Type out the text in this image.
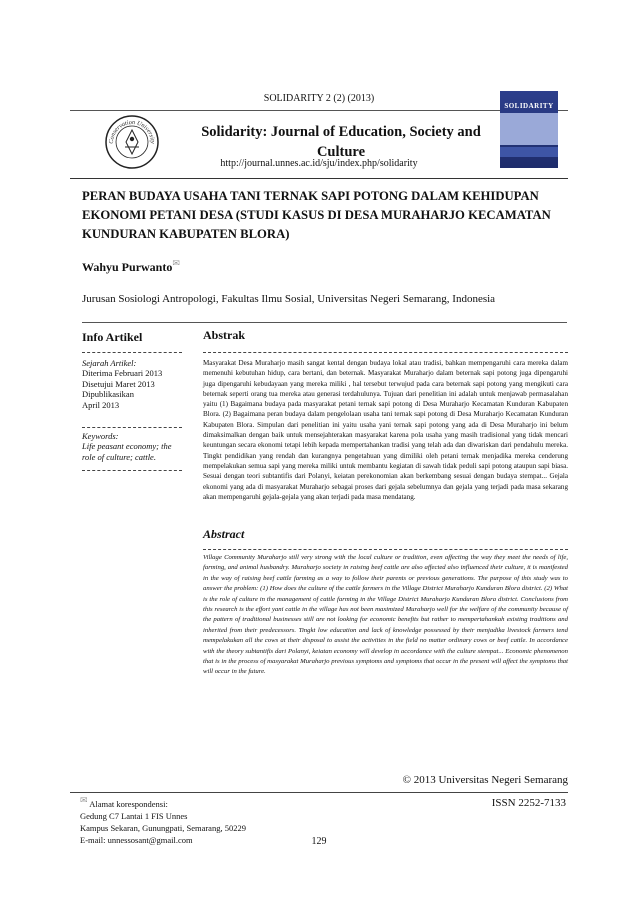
SOLIDARITY 2 (2) (2013)
Conservation University
SOLIDARITY
Solidarity: Journal of Education, Society and Culture
http://journal.unnes.ac.id/sju/index.php/solidarity
PERAN BUDAYA USAHA TANI TERNAK SAPI POTONG DALAM KEHIDUPAN EKONOMI PETANI DESA (STUDI KASUS DI DESA MURAHARJO KECAMATAN KUNDURAN KABUPATEN BLORA)
Wahyu Purwanto✉
Jurusan Sosiologi Antropologi, Fakultas Ilmu Sosial, Universitas Negeri Semarang, Indonesia
Info Artikel	Abstrak

Sejarah Artikel:

Diterima Februari 2013

Disetujui Maret 2013

Dipublikasikan

April 2013

Keywords:

Life peasant economy; the role of culture; cattle.

Masyarakat Desa Muraharjo masih sangat kental dengan budaya lokal atau tradisi, bahkan mempengaruhi cara mereka dalam memenuhi kebutuhan hidup, cara bertani, dan beternak. Masyarakat Muraharjo dalam beternak sapi potong juga dipengaruhi juga dipengaruhi kebudayaan yang mereka miliki , hal tersebut terwujud pada cara beternak sapi potong yang mengikuti cara beternak seperti orang tua mereka atau generasi terdahulunya. Tujuan dari penelitian ini adalah untuk menjawab permasalahan yaitu (1) Bagaimana budaya pada masyarakat petani ternak sapi potong di Desa Muraharjo Kecamatan Kunduran Kabupaten Blora. (2) Bagaimana peran budaya dalam pengelolaan usaha tani ternak sapi potong di Desa Muraharjo Kecamatan Kunduran Kabupaten Blora. Simpulan dari penelitian ini yaitu usaha yani ternak sapi potong yang ada di Desa Muraharjo ini belum dimaksimalkan dengan baik untuk mensejahterakan masyarakat karena pola usaha yang masih tradisional yang tidak mencari keuntungan secara ekonomi tetapi lebih kepada mempertahankan tradisi yang telah ada dan diwariskan dari pendahulu mereka. Tingkt pendidikan yang rendah dan kurangnya pengetahuan yang dimiliki oleh petani ternak menjadika mereka cenderung mempelakukan semua sapi yang mereka miliki untuk membantu kegiatan di sawah tidak peduli sapi potong ataupun sapi biasa. Sesuai dengan teori subtantifis dari Polanyi, keiatan perekonomian akan berkembang sesuai dengan budaya stempat... Gejala ekonomi yang ada di masyarakat Muraharjo sebagai proses dari gejala sebelumnya dan gejala yang terjadi pada masa sekarang akan mempengaruhi gejala-gejala yang akan terjadi pada masa mendatang.
Abstract
Village Community Muraharjo still very strong with the local culture or tradition, even affecting the way they meet the needs of life, farming, and animal husbandry. Muraharjo society in raising beef cattle are also affected also influenced their culture, it is manifested in the way of raising beef cattle farming as a way to follow their parents or previous generations. The purpose of this study was to answer the problem: (1) How does the culture of the cattle farmers in the Village District Muraharjo Kunduran Blora district. (2) What is the role of culture in the management of cattle farming in the Village District Muraharjo Kunduran Blora district. Conclusions from this research is the effort yani cattle in the village has not been maximized Muraharjo well for the welfare of the community because of the pattern of traditional businesses still are not looking for economic benefits but rather to mempertahankah existing traditions and inherited from their predecessors. Tingkt low education and lack of knowledge possessed by their menjadika livestock farmers tend mempelakukan all the cows at their disposal to assist the activities in the field no matter ordinary cows or beef cattle. In accordance with the theory subtantifis dari Polanyi, keiatan economy will develop in accordance with the culture stempat... Economic phenomenon that is in the process of masyarakat Muraharjo previous symptoms and symptoms that occur in the present will affect the symptoms that will occur in the future.
© 2013 Universitas Negeri Semarang

✉ Alamat korespondensi:

Gedung C7 Lantai 1 FIS Unnes

Kampus Sekaran, Gunungpati, Semarang, 50229

E-mail: unnessosant@gmail.com

ISSN 2252-7133
129
